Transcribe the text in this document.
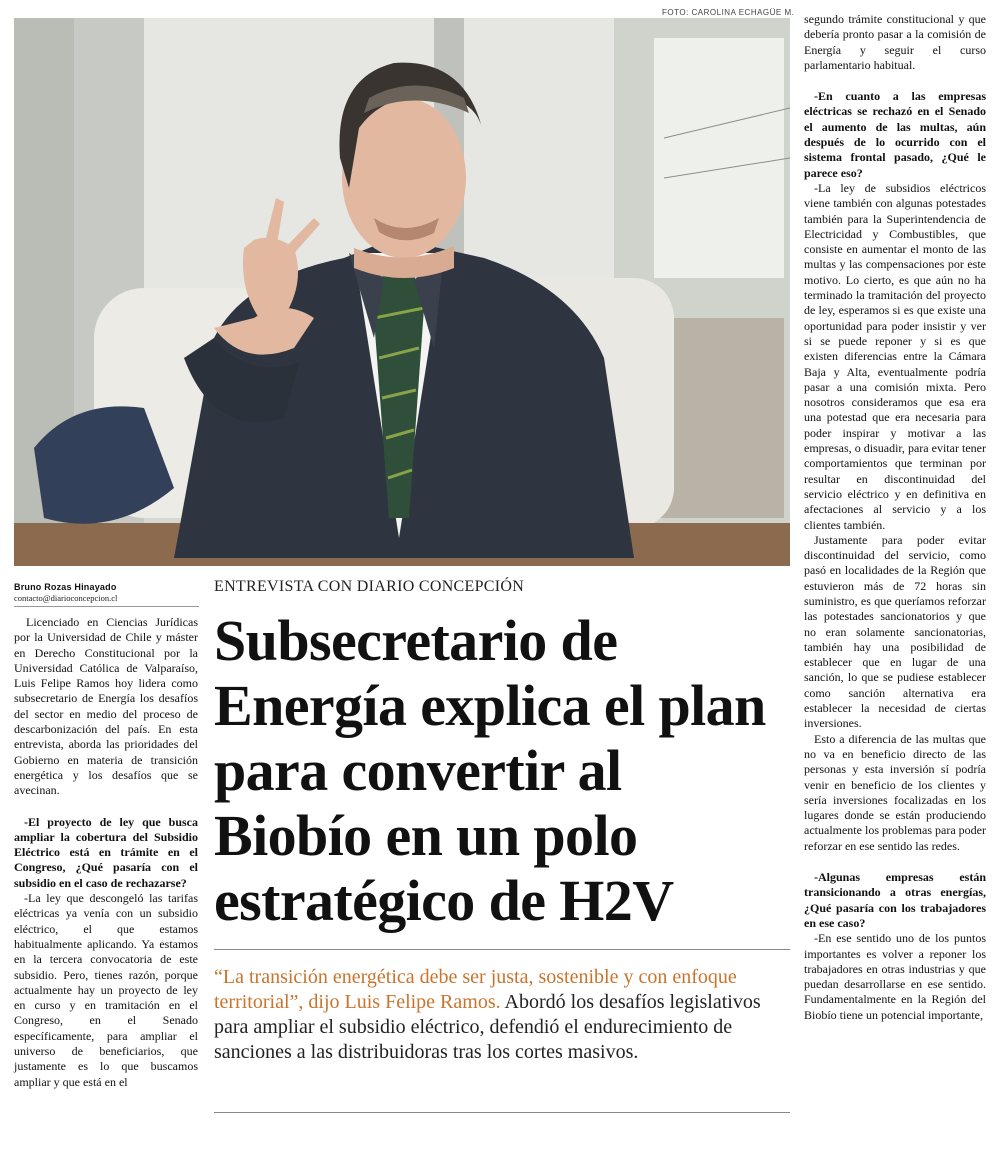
FOTO: CAROLINA ECHAGÜE M.
Bruno Rozas Hinayado
contacto@diarioconcepcion.cl
ENTREVISTA CON DIARIO CONCEPCIÓN
Subsecretario de Energía explica el plan para convertir al Biobío en un polo estratégico de H2V
“La transición energética debe ser justa, sostenible y con enfoque territorial”, dijo Luis Felipe Ramos. Abordó los desafíos legislativos para ampliar el subsidio eléctrico, defendió el endurecimiento de sanciones a las distribuidoras tras los cortes masivos.

Licenciado en Ciencias Jurídicas por la Universidad de Chile y máster en Derecho Constitucional por la Universidad Católica de Valparaíso, Luis Felipe Ramos hoy lidera como subsecretario de Energía los desafíos del sector en medio del proceso de descarbonización del país. En esta entrevista, aborda las prioridades del Gobierno en materia de transición energética y los desafíos que se avecinan.

-El proyecto de ley que busca ampliar la cobertura del Subsidio Eléctrico está en trámite en el Congreso, ¿Qué pasaría con el subsidio en el caso de rechazarse?

-La ley que descongeló las tarifas eléctricas ya venía con un subsidio eléctrico, el que estamos habitualmente aplicando. Ya estamos en la tercera convocatoria de este subsidio. Pero, tienes razón, porque actualmente hay un proyecto de ley en curso y en tramitación en el Congreso, en el Senado específicamente, para ampliar el universo de beneficiarios, que justamente es lo que buscamos ampliar y que está en el

segundo trámite constitucional y que debería pronto pasar a la comisión de Energía y seguir el curso parlamentario habitual.

-En cuanto a las empresas eléctricas se rechazó en el Senado el aumento de las multas, aún después de lo ocurrido con el sistema frontal pasado, ¿Qué le parece eso?

-La ley de subsidios eléctricos viene también con algunas potestades también para la Superintendencia de Electricidad y Combustibles, que consiste en aumentar el monto de las multas y las compensaciones por este motivo. Lo cierto, es que aún no ha terminado la tramitación del proyecto de ley, esperamos si es que existe una oportunidad para poder insistir y ver si se puede reponer y si es que existen diferencias entre la Cámara Baja y Alta, eventualmente podría pasar a una comisión mixta. Pero nosotros consideramos que esa era una potestad que era necesaria para poder inspirar y motivar a las empresas, o disuadir, para evitar tener comportamientos que terminan por resultar en discontinuidad del servicio eléctrico y en definitiva en afectaciones al servicio y a los clientes también.

Justamente para poder evitar discontinuidad del servicio, como pasó en localidades de la Región que estuvieron más de 72 horas sin suministro, es que queríamos reforzar las potestades sancionatorios y que no eran solamente sancionatorias, también hay una posibilidad de establecer que en lugar de una sanción, lo que se pudiese establecer como sanción alternativa era establecer la necesidad de ciertas inversiones.

Esto a diferencia de las multas que no va en beneficio directo de las personas y esta inversión sí podría venir en beneficio de los clientes y sería inversiones focalizadas en los lugares donde se están produciendo actualmente los problemas para poder reforzar en ese sentido las redes.

-Algunas empresas están transicionando a otras energías, ¿Qué pasaría con los trabajadores en ese caso?

-En ese sentido uno de los puntos importantes es volver a reponer los trabajadores en otras industrias y que puedan desarrollarse en ese sentido. Fundamentalmente en la Región del Biobío tiene un potencial importante,
